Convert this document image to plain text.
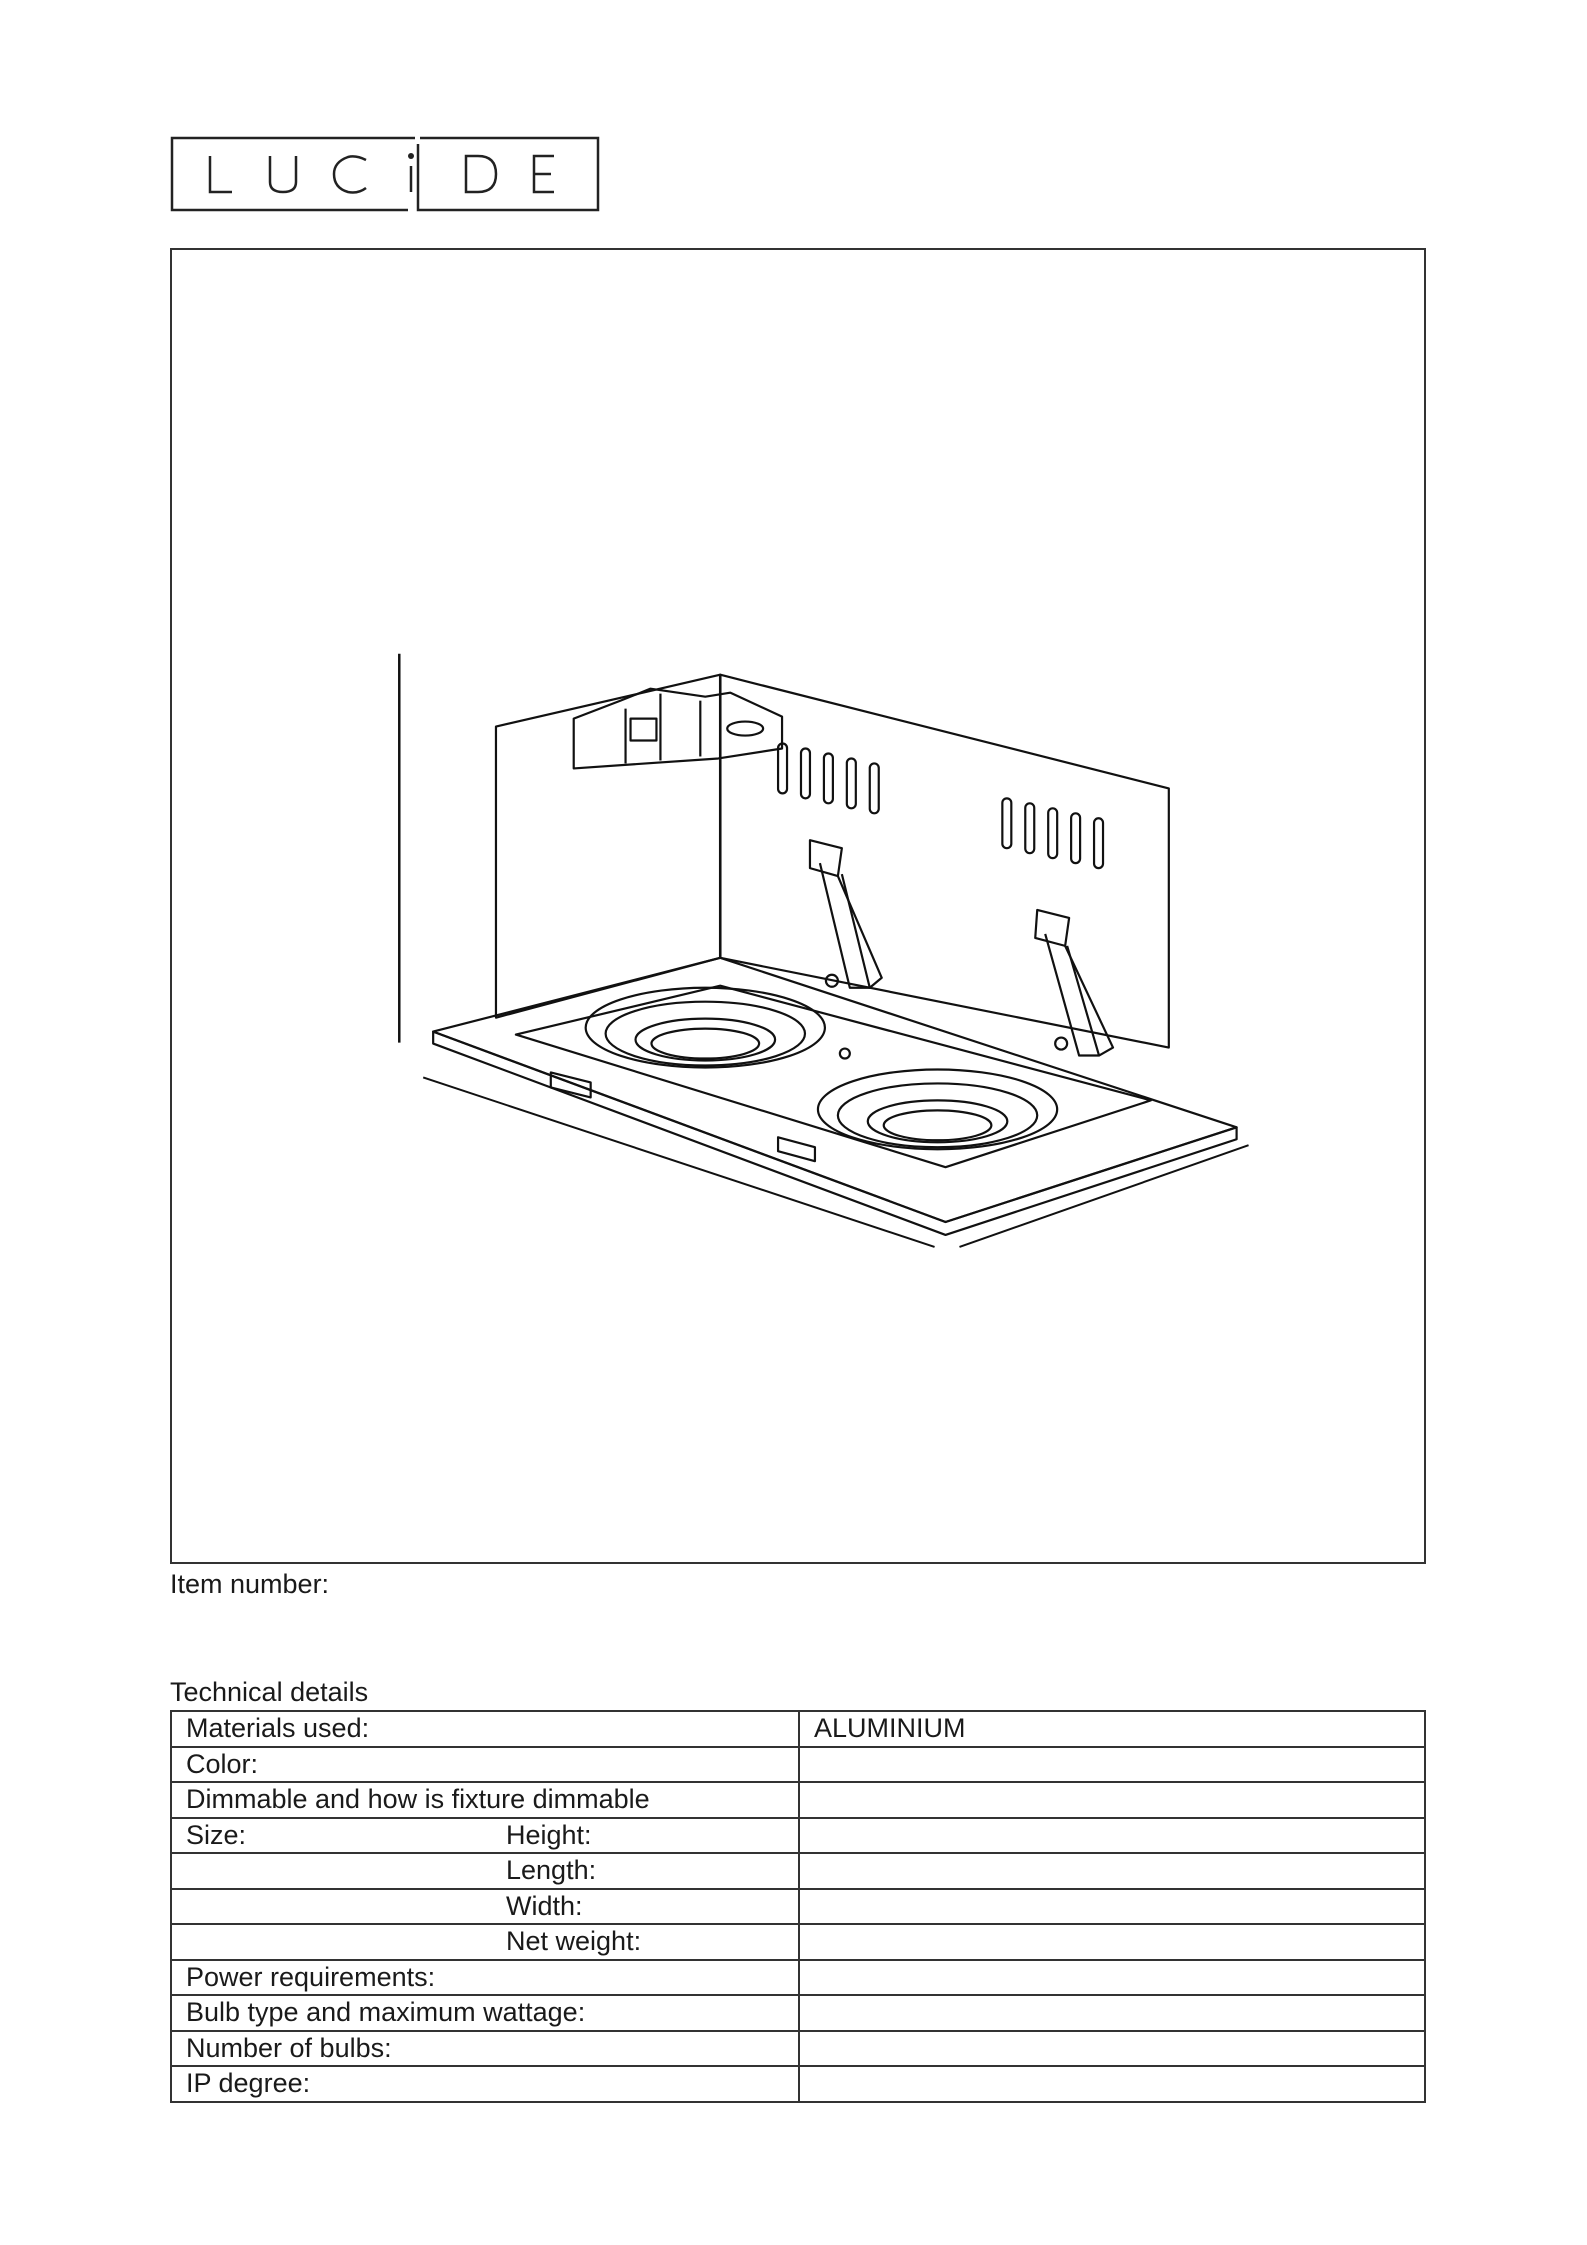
Item number:
Technical details
Materials used:	ALUMINIUM

Color:	

Dimmable and how is fixture dimmable	

Size: Height:	

Length:	

Width:	

Net weight:	

Power requirements:	

Bulb type and maximum wattage:	

Number of bulbs:	

IP degree:	
